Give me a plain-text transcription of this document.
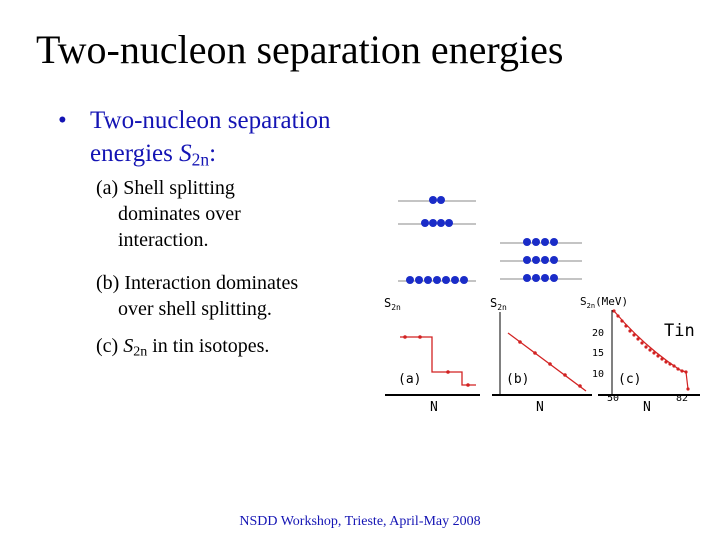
Two-nucleon separation energies
• Two-nucleon separation
energies $S_{2n}$:
(a) Shell splitting
dominates over
interaction.
(b) Interaction dominates
over shell splitting.
(c) $S_{2n}$ in tin isotopes.
$S_{2n}$
(a)
N
$S_{2n}$
(b)
N
$S_{2n}(MeV)$
Tin
20
15
10
50	82
(c)
N
NSDD Workshop, Trieste, April-May 2008
